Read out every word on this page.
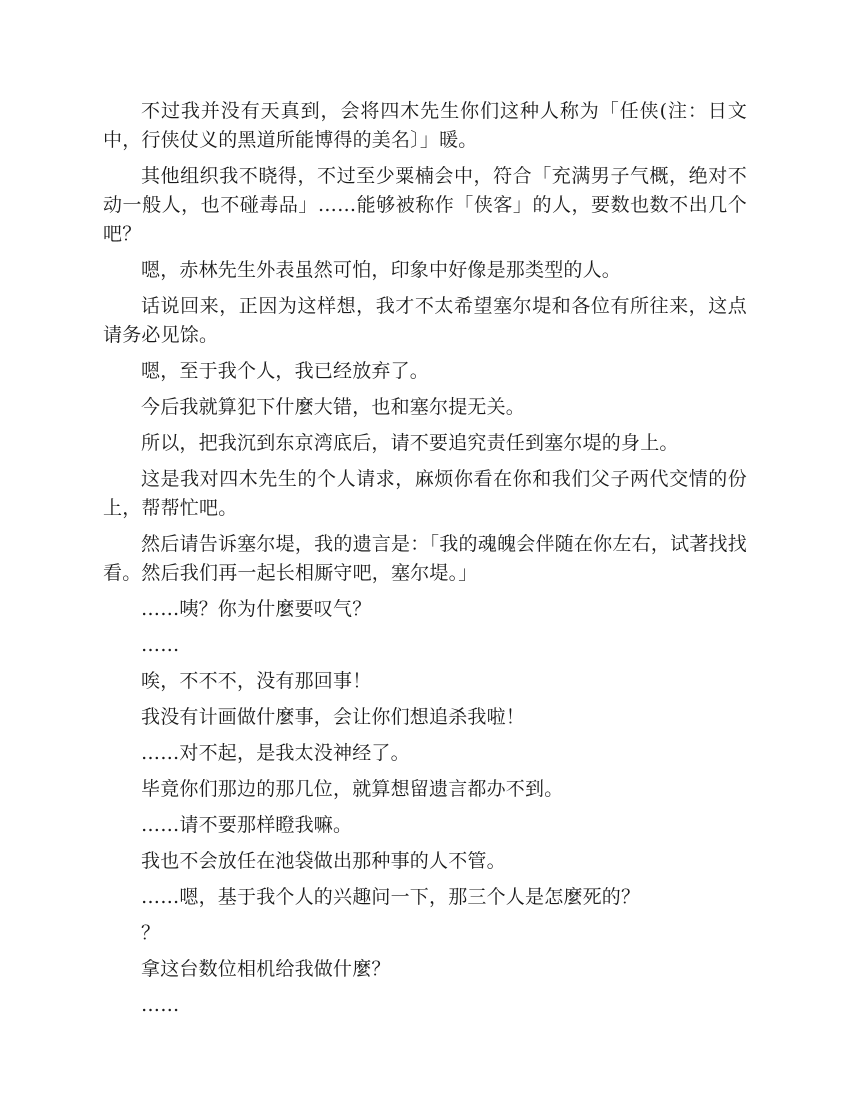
不过我并没有天真到，会将四木先生你们这种人称为「任侠(注：日文中，行侠仗义的黑道所能博得的美名〕」暖。

其他组织我不晓得，不过至少粟楠会中，符合「充满男子气概，绝对不动一般人，也不碰毒品」……能够被称作「侠客」的人，要数也数不出几个吧？

嗯，赤林先生外表虽然可怕，印象中好像是那类型的人。

话说回来，正因为这样想，我才不太希望塞尔堤和各位有所往来，这点请务必见馀。

嗯，至于我个人，我已经放弃了。

今后我就算犯下什麼大错，也和塞尔提无关。

所以，把我沉到东京湾底后，请不要追究责任到塞尔堤的身上。

这是我对四木先生的个人请求，麻烦你看在你和我们父子两代交情的份上，帮帮忙吧。

然后请告诉塞尔堤，我的遗言是：「我的魂魄会伴随在你左右，试著找找看。然后我们再一起长相厮守吧，塞尔堤。」

……咦？你为什麼要叹气？

……

唉，不不不，没有那回事！

我没有计画做什麼事，会让你们想追杀我啦！

……对不起，是我太没神经了。

毕竟你们那边的那几位，就算想留遗言都办不到。

……请不要那样瞪我嘛。

我也不会放任在池袋做出那种事的人不管。

……嗯，基于我个人的兴趣问一下，那三个人是怎麼死的？

？

拿这台数位相机给我做什麼？

……
